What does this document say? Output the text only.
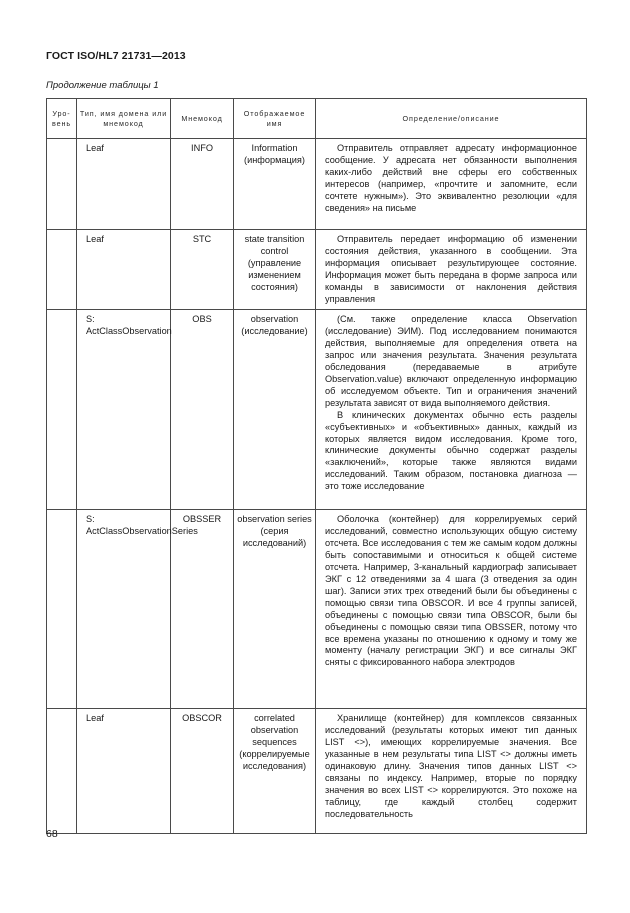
ГОСТ ISO/HL7 21731—2013
Продолжение таблицы 1
Уро-вень	Тип, имя домена или мнемокод	Мнемокод	Отображаемое имя	Определение/описание
	Leaf	INFO	Information (информация)	Отправитель отправляет адресату информационное сообщение. У адресата нет обязанности выполнения каких-либо действий вне сферы его собственных интересов (например, «прочтите и запомните, если сочтете нужным»). Это эквивалентно резолюции «для сведения» на письме

	Leaf	STC	state transition control (управление изменением состояния)	Отправитель передает информацию об изменении состояния действия, указанного в сообщении. Эта информация описывает результирующее состояние. Информация может быть передана в форме запроса или команды в зависимости от наклонения действия управления

	S: ActClassObservation	OBS	observation (исследование)	(См. также определение класса Observation (исследование) ЭИМ). Под исследованием понимаются действия, выполняемые для определения ответа на запрос или значения результата. Значения результата обследования (передаваемые в атрибуте Observation.value) включают определенную информацию об исследуемом объекте. Тип и ограничения значений результата зависят от вида выполняемого действия.

В клинических документах обычно есть разделы «субъективных» и «объективных» данных, каждый из которых является видом исследования. Кроме того, клинические документы обычно содержат разделы «заключений», которые также являются видами исследований. Таким образом, постановка диагноза — это тоже исследование

	S: ActClassObservationSeries	OBSSER	observation series (серия исследований)	Оболочка (контейнер) для коррелируемых серий исследований, совместно использующих общую систему отсчета. Все исследования с тем же самым кодом должны быть сопоставимыми и относиться к общей системе отсчета. Например, 3-канальный кардиограф записывает ЭКГ с 12 отведениями за 4 шага (3 отведения за один шаг). Записи этих трех отведений были бы объединены с помощью связи типа OBSCOR. И все 4 группы записей, объединены с помощью связи типа OBSCOR, были бы объединены с помощью связи типа OBSSER, потому что все времена указаны по отношению к одному и тому же моменту (началу регистрации ЭКГ) и все сигналы ЭКГ сняты с фиксированного набора электродов

	Leaf	OBSCOR	correlated observation sequences (коррелируемые исследования)	Хранилище (контейнер) для комплексов связанных исследований (результаты которых имеют тип данных LIST <>), имеющих коррелируемые значения. Все указанные в нем результаты типа LIST <> должны иметь одинаковую длину. Значения типов данных LIST <> связаны по индексу. Например, вторые по порядку значения во всех LIST <> коррелируются. Это похоже на таблицу, где каждый столбец содержит последовательность

68
